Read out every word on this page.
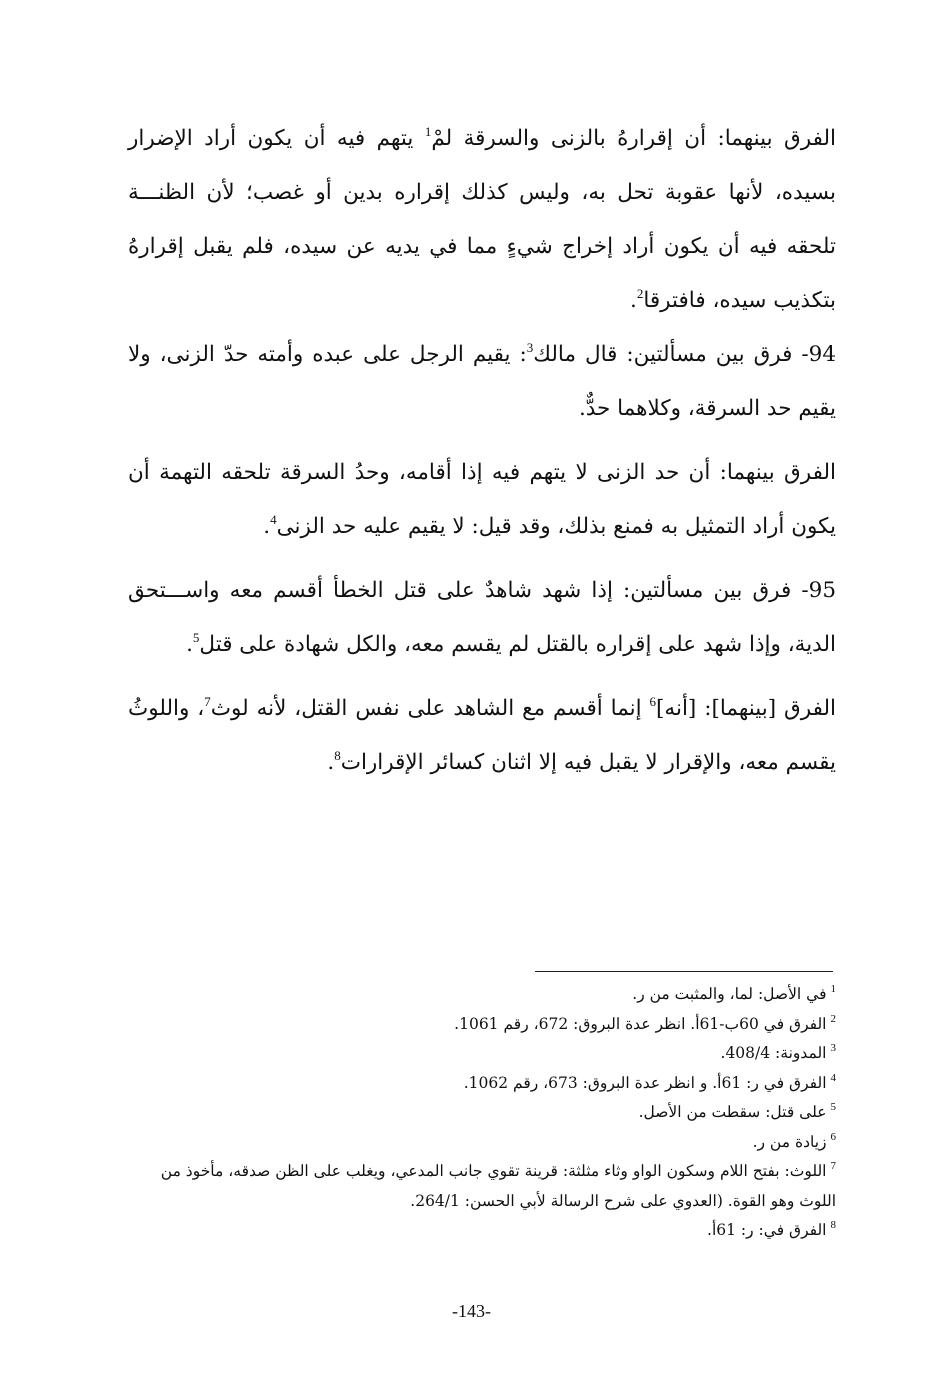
الفرق بينهما: أن إقرارهُ بالزنى والسرقة لمْ$^1$ يتهم فيه أن يكون أراد الإضرار بسيده، لأنها عقوبة تحل به، وليس كذلك إقراره بدين أو غصب؛ لأن الظنـــة تلحقه فيه أن يكون أراد إخراج شيءٍ مما في يديه عن سيده، فلم يقبل إقرارهُ بتكذيب سيده، فافترقا$^2$.

94- فرق بين مسألتين: قال مالك$^3$: يقيم الرجل على عبده وأمته حدّ الزنى، ولا يقيم حد السرقة، وكلاهما حدٌّ.

الفرق بينهما: أن حد الزنى لا يتهم فيه إذا أقامه، وحدُ السرقة تلحقه التهمة أن يكون أراد التمثيل به فمنع بذلك، وقد قيل: لا يقيم عليه حد الزنى$^4$.

95- فرق بين مسألتين: إذا شهد شاهدٌ على قتل الخطأ أقسم معه واســـتحق الدية، وإذا شهد على إقراره بالقتل لم يقسم معه، والكل شهادة على قتل$^5$.

الفرق [بينهما]: [أنه]$^6$ إنما أقسم مع الشاهد على نفس القتل، لأنه لوث$^7$، واللوثُ يقسم معه، والإقرار لا يقبل فيه إلا اثنان كسائر الإقرارات$^8$.

$^1$في الأصل: لما، والمثبت من ر.

$^2$الفرق في 60ب-61أ. انظر عدة البروق: 672، رقم 1061.

$^3$المدونة: 408/4.

$^4$الفرق في ر: 61أ. و انظر عدة البروق: 673، رقم 1062.

$^5$على قتل: سقطت من الأصل.

$^6$زيادة من ر.

$^7$اللوث: بفتح اللام وسكون الواو وثاء مثلثة: قرينة تقوي جانب المدعي، ويغلب على الظن صدقه، مأخوذ من اللوث وهو القوة. (العدوي على شرح الرسالة لأبي الحسن: 264/1.

$^8$الفرق في: ر: 61أ.

-143-
